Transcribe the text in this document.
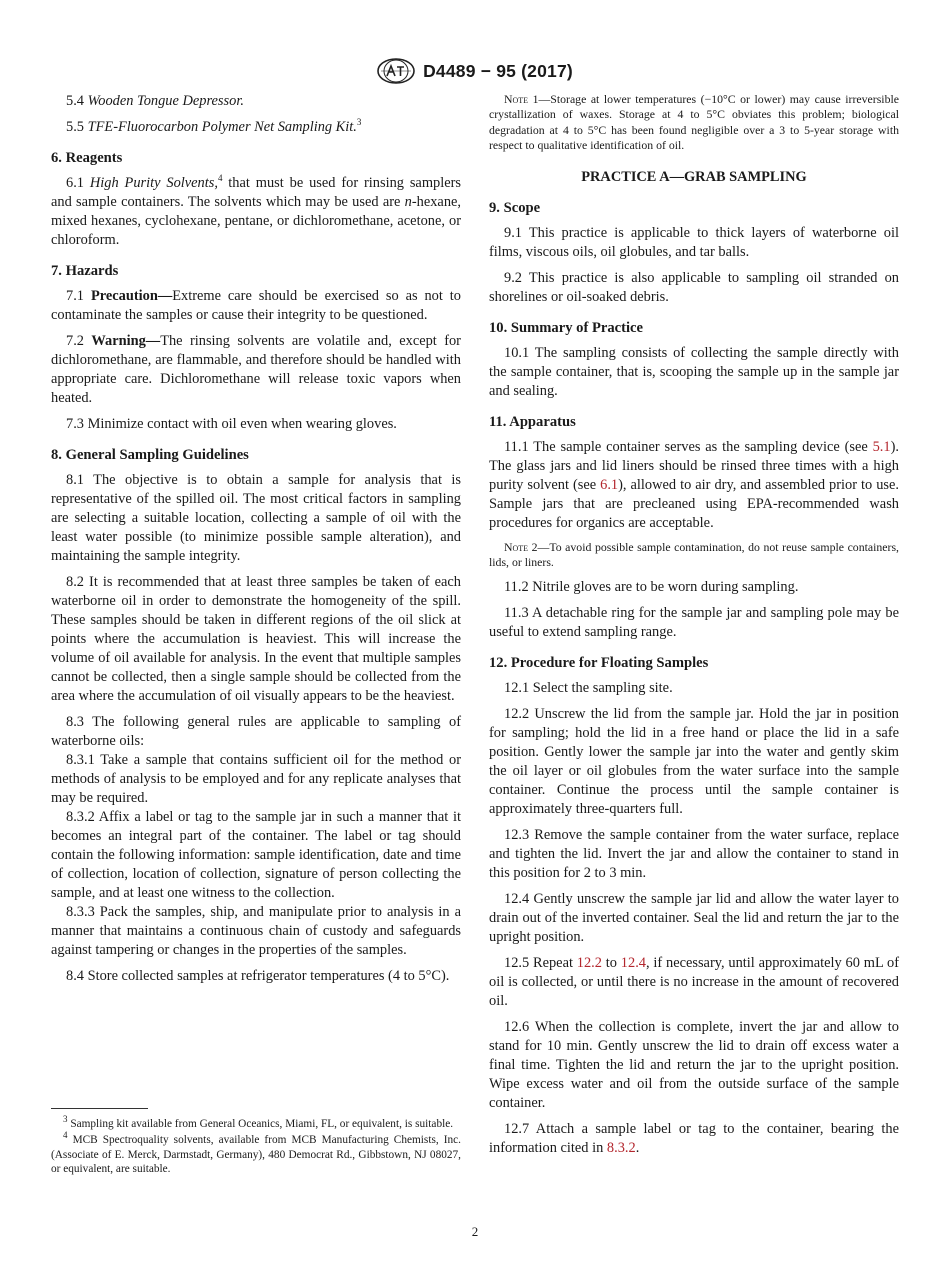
D4489 − 95 (2017)

5.4 Wooden Tongue Depressor.

5.5 TFE-Fluorocarbon Polymer Net Sampling Kit.$^3$

6. Reagents

6.1 High Purity Solvents,$^4$ that must be used for rinsing samplers and sample containers. The solvents which may be used are n-hexane, mixed hexanes, cyclohexane, pentane, or dichloromethane, acetone, or chloroform.

7. Hazards

7.1 Precaution—Extreme care should be exercised so as not to contaminate the samples or cause their integrity to be questioned.

7.2 Warning—The rinsing solvents are volatile and, except for dichloromethane, are flammable, and therefore should be handled with appropriate care. Dichloromethane will release toxic vapors when heated.

7.3 Minimize contact with oil even when wearing gloves.

8. General Sampling Guidelines

8.1 The objective is to obtain a sample for analysis that is representative of the spilled oil. The most critical factors in sampling are selecting a suitable location, collecting a sample of oil with the least water possible (to minimize possible sample alteration), and maintaining the sample integrity.

8.2 It is recommended that at least three samples be taken of each waterborne oil in order to demonstrate the homogeneity of the spill. These samples should be taken in different regions of the oil slick at points where the accumulation is heaviest. This will increase the volume of oil available for analysis. In the event that multiple samples cannot be collected, then a single sample should be collected from the area where the accumulation of oil visually appears to be the heaviest.

8.3 The following general rules are applicable to sampling of waterborne oils:

8.3.1 Take a sample that contains sufficient oil for the method or methods of analysis to be employed and for any replicate analyses that may be required.

8.3.2 Affix a label or tag to the sample jar in such a manner that it becomes an integral part of the container. The label or tag should contain the following information: sample identification, date and time of collection, location of collection, signature of person collecting the sample, and at least one witness to the collection.

8.3.3 Pack the samples, ship, and manipulate prior to analysis in a manner that maintains a continuous chain of custody and safeguards against tampering or changes in the properties of the samples.

8.4 Store collected samples at refrigerator temperatures (4 to 5°C).

$^3$ Sampling kit available from General Oceanics, Miami, FL, or equivalent, is suitable.
$^4$ MCB Spectroquality solvents, available from MCB Manufacturing Chemists, Inc. (Associate of E. Merck, Darmstadt, Germany), 480 Democrat Rd., Gibbstown, NJ 08027, or equivalent, are suitable.
Note 1—Storage at lower temperatures (−10°C or lower) may cause irreversible crystallization of waxes. Storage at 4 to 5°C obviates this problem; biological degradation at 4 to 5°C has been found negligible over a 3 to 5-year storage with respect to qualitative identification of oil.
PRACTICE A—GRAB SAMPLING
9. Scope

9.1 This practice is applicable to thick layers of waterborne oil films, viscous oils, oil globules, and tar balls.

9.2 This practice is also applicable to sampling oil stranded on shorelines or oil-soaked debris.

10. Summary of Practice

10.1 The sampling consists of collecting the sample directly with the sample container, that is, scooping the sample up in the sample jar and sealing.

11. Apparatus

11.1 The sample container serves as the sampling device (see 5.1). The glass jars and lid liners should be rinsed three times with a high purity solvent (see 6.1), allowed to air dry, and assembled prior to use. Sample jars that are precleaned using EPA-recommended wash procedures for organics are acceptable.

Note 2—To avoid possible sample contamination, do not reuse sample containers, lids, or liners.

11.2 Nitrile gloves are to be worn during sampling.

11.3 A detachable ring for the sample jar and sampling pole may be useful to extend sampling range.

12. Procedure for Floating Samples

12.1 Select the sampling site.

12.2 Unscrew the lid from the sample jar. Hold the jar in position for sampling; hold the lid in a free hand or place the lid in a safe position. Gently lower the sample jar into the water and gently skim the oil layer or oil globules from the water surface into the sample container. Continue the process until the sample container is approximately three-quarters full.

12.3 Remove the sample container from the water surface, replace and tighten the lid. Invert the jar and allow the container to stand in this position for 2 to 3 min.

12.4 Gently unscrew the sample jar lid and allow the water layer to drain out of the inverted container. Seal the lid and return the jar to the upright position.

12.5 Repeat 12.2 to 12.4, if necessary, until approximately 60 mL of oil is collected, or until there is no increase in the amount of recovered oil.

12.6 When the collection is complete, invert the jar and allow to stand for 10 min. Gently unscrew the lid to drain off excess water a final time. Tighten the lid and return the jar to the upright position. Wipe excess water and oil from the outside surface of the sample container.

12.7 Attach a sample label or tag to the container, bearing the information cited in 8.3.2.

2
